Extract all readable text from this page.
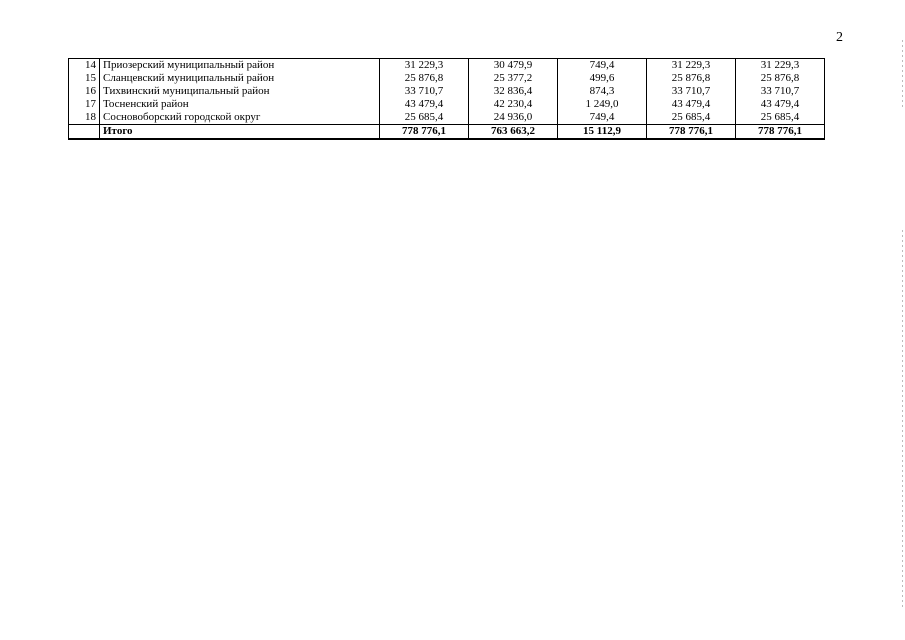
2
14	Приозерский муниципальный район	31 229,3	30 479,9	749,4	31 229,3	31 229,3
15	Сланцевский муниципальный район	25 876,8	25 377,2	499,6	25 876,8	25 876,8
16	Тихвинский муниципальный район	33 710,7	32 836,4	874,3	33 710,7	33 710,7
17	Тосненский район	43 479,4	42 230,4	1 249,0	43 479,4	43 479,4
18	Сосновоборский городской округ	25 685,4	24 936,0	749,4	25 685,4	25 685,4
	Итого	778 776,1	763 663,2	15 112,9	778 776,1	778 776,1
